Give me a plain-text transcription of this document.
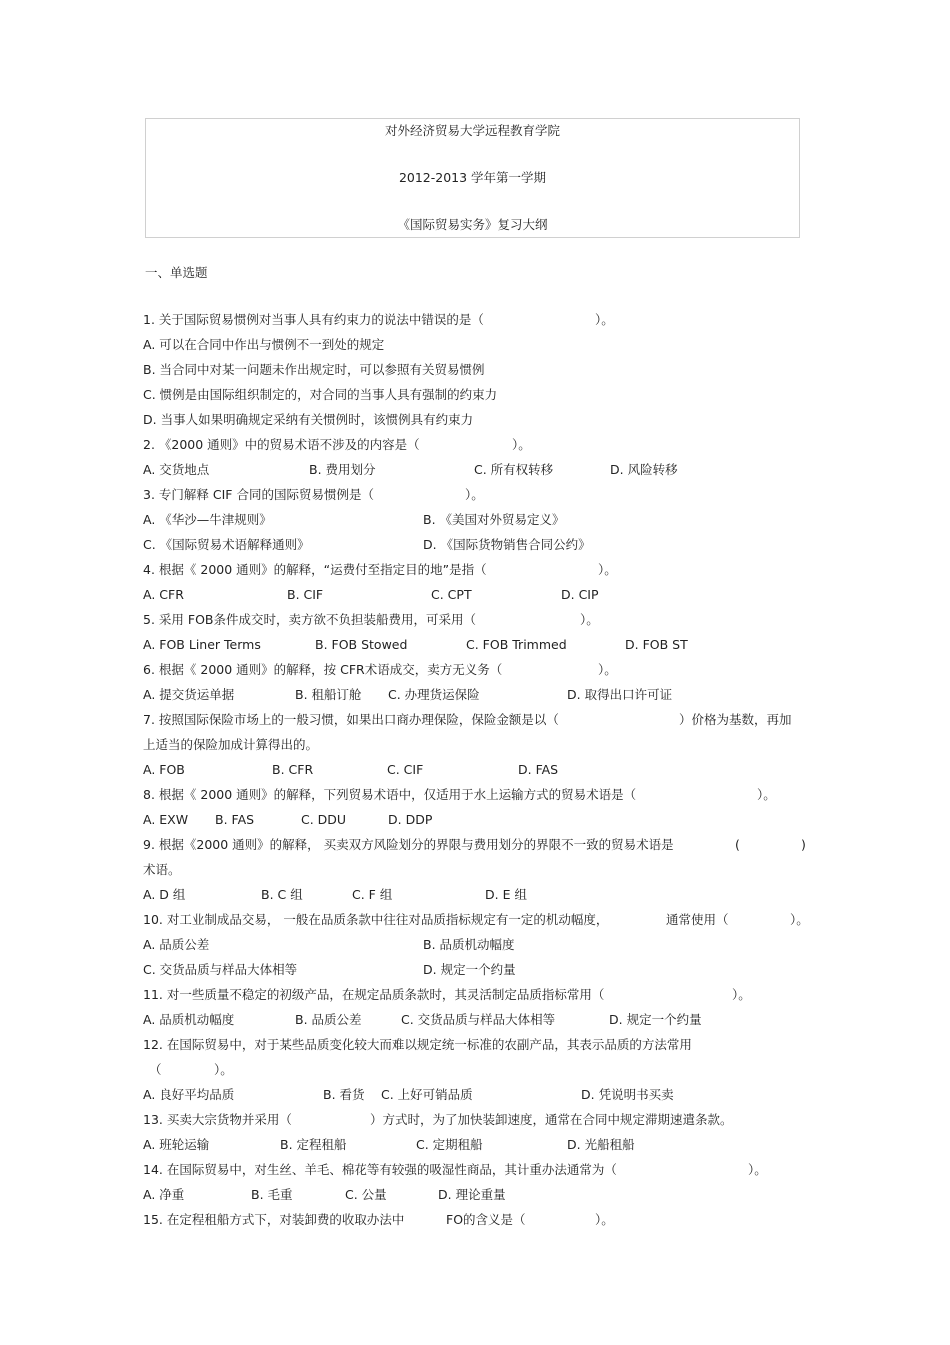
对外经济贸易大学远程教育学院
2012-2013 学年第一学期
《国际贸易实务》复习大纲
一、单选题
1. 关于国际贸易惯例对当事人具有约束力的说法中错误的是（	）。
A. 可以在合同中作出与惯例不一到处的规定
B. 当合同中对某一问题未作出规定时，可以参照有关贸易惯例
C. 惯例是由国际组织制定的，对合同的当事人具有强制的约束力
D. 当事人如果明确规定采纳有关惯例时，该惯例具有约束力
2. 《2000 通则》中的贸易术语不涉及的内容是（	）。
A. 交货地点	B. 费用划分	C. 所有权转移	D. 风险转移
3. 专门解释 CIF 合同的国际贸易惯例是（	）。
A. 《华沙—牛津规则》	B. 《美国对外贸易定义》
C. 《国际贸易术语解释通则》	D. 《国际货物销售合同公约》
4. 根据《 2000 通则》的解释，“运费付至指定目的地”是指（	）。
A. CFR	B. CIF	C. CPT	D. CIP
5. 采用 FOB条件成交时，卖方欲不负担装船费用，可采用（	）。
A. FOB Liner Terms	B. FOB Stowed	C. FOB Trimmed	D. FOB ST
6. 根据《 2000 通则》的解释，按 CFR术语成交，卖方无义务（	）。
A. 提交货运单据	B. 租船订舱 C. 办理货运保险	D. 取得出口许可证
7. 按照国际保险市场上的一般习惯，如果出口商办理保险，保险金额是以（	）价格为基数，再加
上适当的保险加成计算得出的。
A. FOB	B. CFR	C. CIF	D. FAS
8. 根据《 2000 通则》的解释，下列贸易术语中，仅适用于水上运输方式的贸易术语是（	）。
A. EXW B. FAS	C. DDU	D. DDP
9. 根据《2000 通则》的解释， 买卖双方风险划分的界限与费用划分的界限不一致的贸易术语是	(	)
术语。
A. D 组	B. C 组	C. F 组	D. E 组
10. 对工业制成品交易， 一般在品质条款中往往对品质指标规定有一定的机动幅度，	通常使用（	）。
A. 品质公差	B. 品质机动幅度
C. 交货品质与样品大体相等	D. 规定一个约量
11. 对一些质量不稳定的初级产品，在规定品质条款时，其灵活制定品质指标常用（	）。
A. 品质机动幅度	B. 品质公差	C. 交货品质与样品大体相等	D. 规定一个约量
12. 在国际贸易中，对于某些品质变化较大而难以规定统一标准的农副产品，其表示品质的方法常用
（	）。
A. 良好平均品质	B. 看货 C. 上好可销品质	D. 凭说明书买卖
13. 买卖大宗货物并采用（	）方式时，为了加快装卸速度，通常在合同中规定滞期速遣条款。
A. 班轮运输	B. 定程租船	C. 定期租船	D. 光船租船
14. 在国际贸易中，对生丝、羊毛、棉花等有较强的吸湿性商品，其计重办法通常为（	）。
A. 净重	B. 毛重	C. 公量	D. 理论重量
15. 在定程租船方式下，对装卸费的收取办法中	FO的含义是（	）。
